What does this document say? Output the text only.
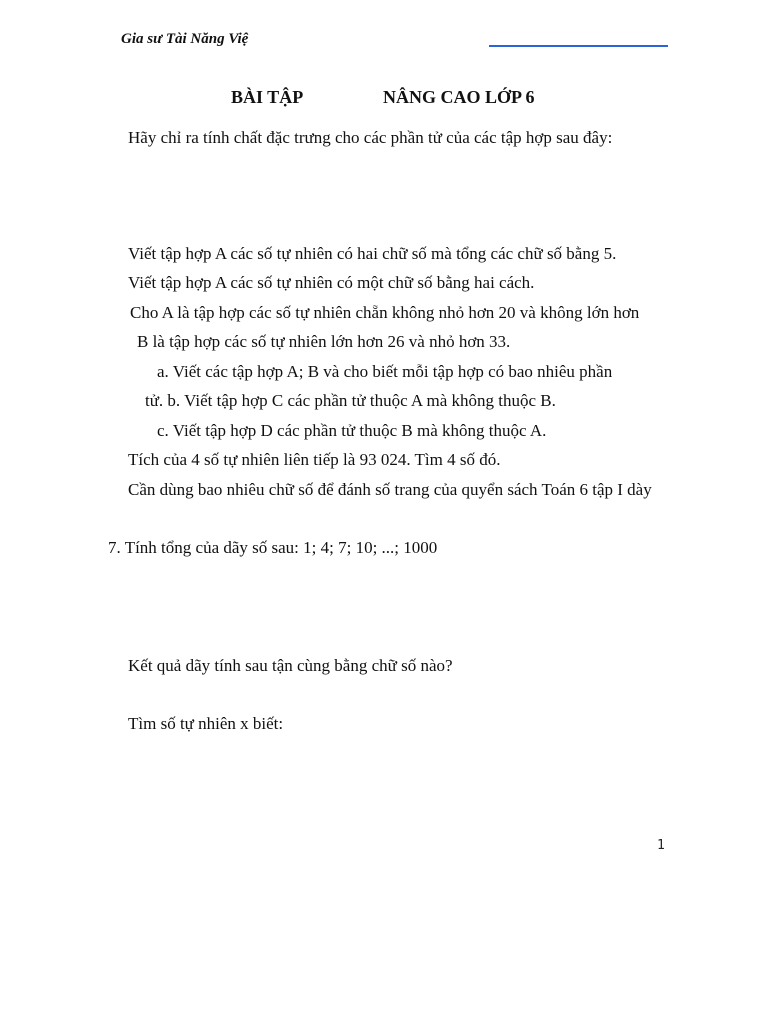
Gia sư Tài Năng Việ
BÀI TẬP	NÂNG CAO LỚP 6
Hãy chỉ ra tính chất đặc trưng cho các phần tử của các tập hợp sau đây:
Viết tập hợp A các số tự nhiên có hai chữ số mà tổng các chữ số bằng 5.
Viết tập hợp A các số tự nhiên có một chữ số bằng hai cách.
Cho A là tập hợp các số tự nhiên chẵn không nhỏ hơn 20 và không lớn hơn
B là tập hợp các số tự nhiên lớn hơn 26 và nhỏ hơn 33.
a. Viết các tập hợp A; B và cho biết mỗi tập hợp có bao nhiêu phần
tử. b. Viết tập hợp C các phần tử thuộc A mà không thuộc B.
c. Viết tập hợp D các phần tử thuộc B mà không thuộc A.
Tích của 4 số tự nhiên liên tiếp là 93 024. Tìm 4 số đó.
Cần dùng bao nhiêu chữ số để đánh số trang của quyển sách Toán 6 tập I dày
7. Tính tổng của dãy số sau: 1; 4; 7; 10; ...; 1000
Kết quả dãy tính sau tận cùng bằng chữ số nào?
Tìm số tự nhiên x biết:
1
